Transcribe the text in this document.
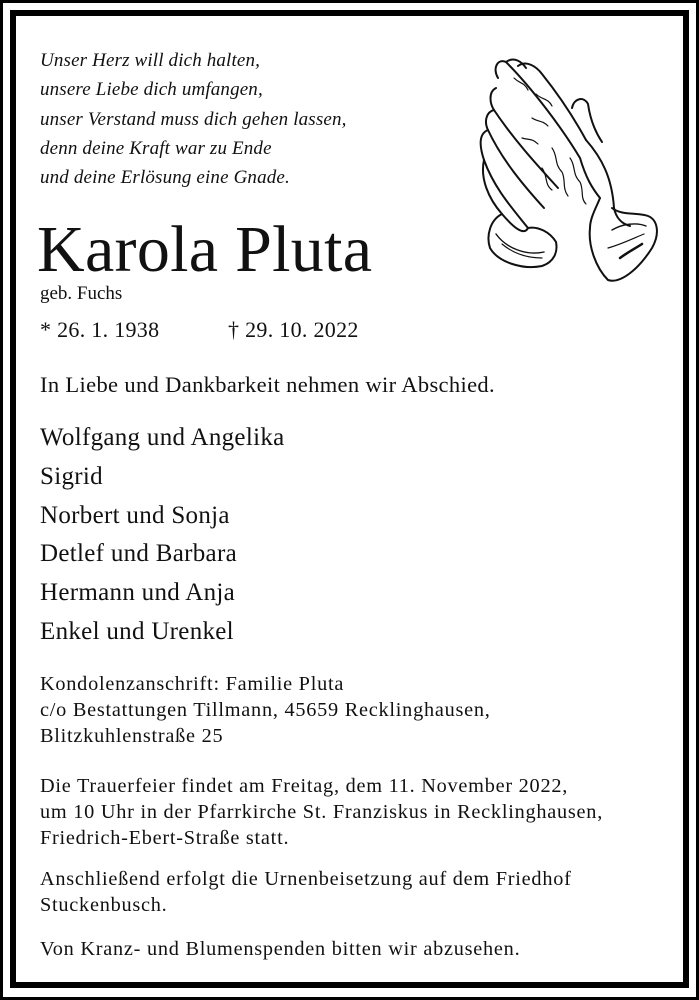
Unser Herz will dich halten,
unsere Liebe dich umfangen,
unser Verstand muss dich gehen lassen,
denn deine Kraft war zu Ende
und deine Erlösung eine Gnade.
Karola Pluta
geb. Fuchs
* 26. 1. 1938	† 29. 10. 2022
In Liebe und Dankbarkeit nehmen wir Abschied.
Wolfgang und Angelika
Sigrid
Norbert und Sonja
Detlef und Barbara
Hermann und Anja
Enkel und Urenkel
Kondolenzanschrift: Familie Pluta
c/o Bestattungen Tillmann, 45659 Recklinghausen,
Blitzkuhlenstraße 25
Die Trauerfeier findet am Freitag, dem 11. November 2022,
um 10 Uhr in der Pfarrkirche St. Franziskus in Recklinghausen,
Friedrich-Ebert-Straße statt.
Anschließend erfolgt die Urnenbeisetzung auf dem Friedhof
Stuckenbusch.
Von Kranz- und Blumenspenden bitten wir abzusehen.
